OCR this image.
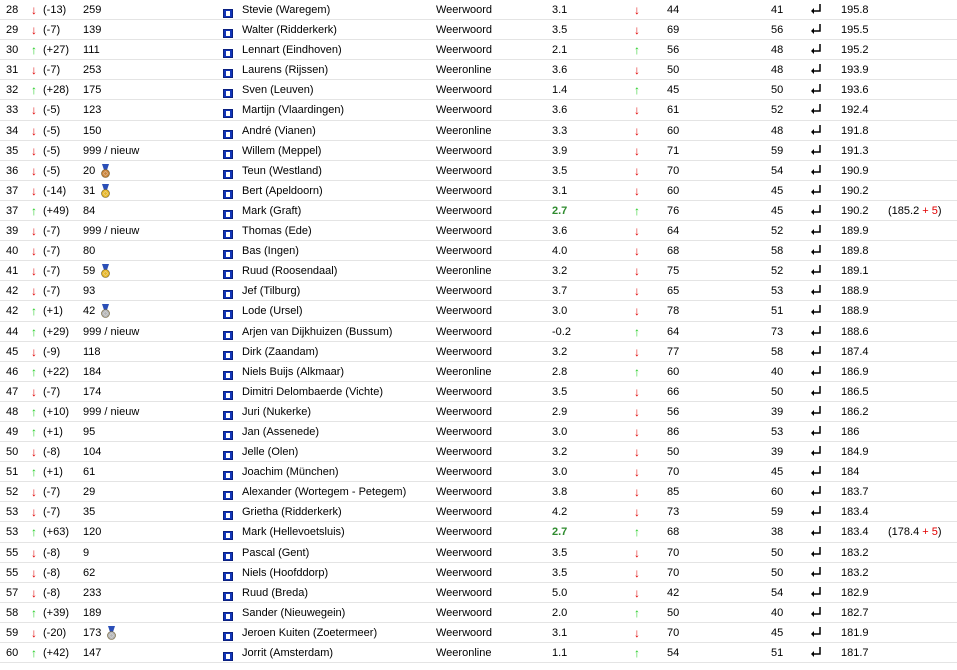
28 ↓ (-13) 259	Stevie (Waregem)	Weerwoord	3.1	↓ 44	41	195.8
29 ↓ (-7) 139	Walter (Ridderkerk)	Weerwoord	3.5	↓ 69	56	195.5
30 ↑ (+27) 111	Lennart (Eindhoven)	Weerwoord	2.1	↑ 56	48	195.2
31 ↓ (-7) 253	Laurens (Rijssen)	Weeronline	3.6	↓ 50	48	193.9
32 ↑ (+28) 175	Sven (Leuven)	Weerwoord	1.4	↑ 45	50	193.6
33 ↓ (-5) 123	Martijn (Vlaardingen)	Weerwoord	3.6	↓ 61	52	192.4
34 ↓ (-5) 150	André (Vianen)	Weeronline	3.3	↓ 60	48	191.8
35 ↓ (-5) 999 / nieuw	Willem (Meppel)	Weerwoord	3.9	↓ 71	59	191.3
36 ↓ (-5) 20	Teun (Westland)	Weerwoord	3.5	↓ 70	54	190.9
37 ↓ (-14) 31	Bert (Apeldoorn)	Weerwoord	3.1	↓ 60	45	190.2
37 ↑ (+49) 84	Mark (Graft)	Weerwoord	2.7	↑ 76	45	190.2 (185.2 + 5)
39 ↓ (-7) 999 / nieuw	Thomas (Ede)	Weerwoord	3.6	↓ 64	52	189.9
40 ↓ (-7) 80	Bas (Ingen)	Weerwoord	4.0	↓ 68	58	189.8
41 ↓ (-7) 59	Ruud (Roosendaal)	Weeronline	3.2	↓ 75	52	189.1
42 ↓ (-7) 93	Jef (Tilburg)	Weerwoord	3.7	↓ 65	53	188.9
42 ↑ (+1) 42	Lode (Ursel)	Weerwoord	3.0	↓ 78	51	188.9
44 ↑ (+29) 999 / nieuw	Arjen van Dijkhuizen (Bussum)	Weerwoord	-0.2	↑ 64	73	188.6
45 ↓ (-9) 118	Dirk (Zaandam)	Weerwoord	3.2	↓ 77	58	187.4
46 ↑ (+22) 184	Niels Buijs (Alkmaar)	Weeronline	2.8	↑ 60	40	186.9
47 ↓ (-7) 174	Dimitri Delombaerde (Vichte)	Weerwoord	3.5	↓ 66	50	186.5
48 ↑ (+10) 999 / nieuw	Juri (Nukerke)	Weerwoord	2.9	↓ 56	39	186.2
49 ↑ (+1) 95	Jan (Assenede)	Weerwoord	3.0	↓ 86	53	186
50 ↓ (-8) 104	Jelle (Olen)	Weerwoord	3.2	↓ 50	39	184.9
51 ↑ (+1) 61	Joachim (München)	Weerwoord	3.0	↓ 70	45	184
52 ↓ (-7) 29	Alexander (Wortegem - Petegem)	Weerwoord	3.8	↓ 85	60	183.7
53 ↓ (-7) 35	Grietha (Ridderkerk)	Weerwoord	4.2	↓ 73	59	183.4
53 ↑ (+63) 120	Mark (Hellevoetsluis)	Weerwoord	2.7	↑ 68	38	183.4 (178.4 + 5)
55 ↓ (-8) 9	Pascal (Gent)	Weerwoord	3.5	↓ 70	50	183.2
55 ↓ (-8) 62	Niels (Hoofddorp)	Weerwoord	3.5	↓ 70	50	183.2
57 ↓ (-8) 233	Ruud (Breda)	Weerwoord	5.0	↓ 42	54	182.9
58 ↑ (+39) 189	Sander (Nieuwegein)	Weerwoord	2.0	↑ 50	40	182.7
59 ↓ (-20) 173	Jeroen Kuiten (Zoetermeer)	Weerwoord	3.1	↓ 70	45	181.9
60 ↑ (+42) 147	Jorrit (Amsterdam)	Weeronline	1.1	↑ 54	51	181.7
